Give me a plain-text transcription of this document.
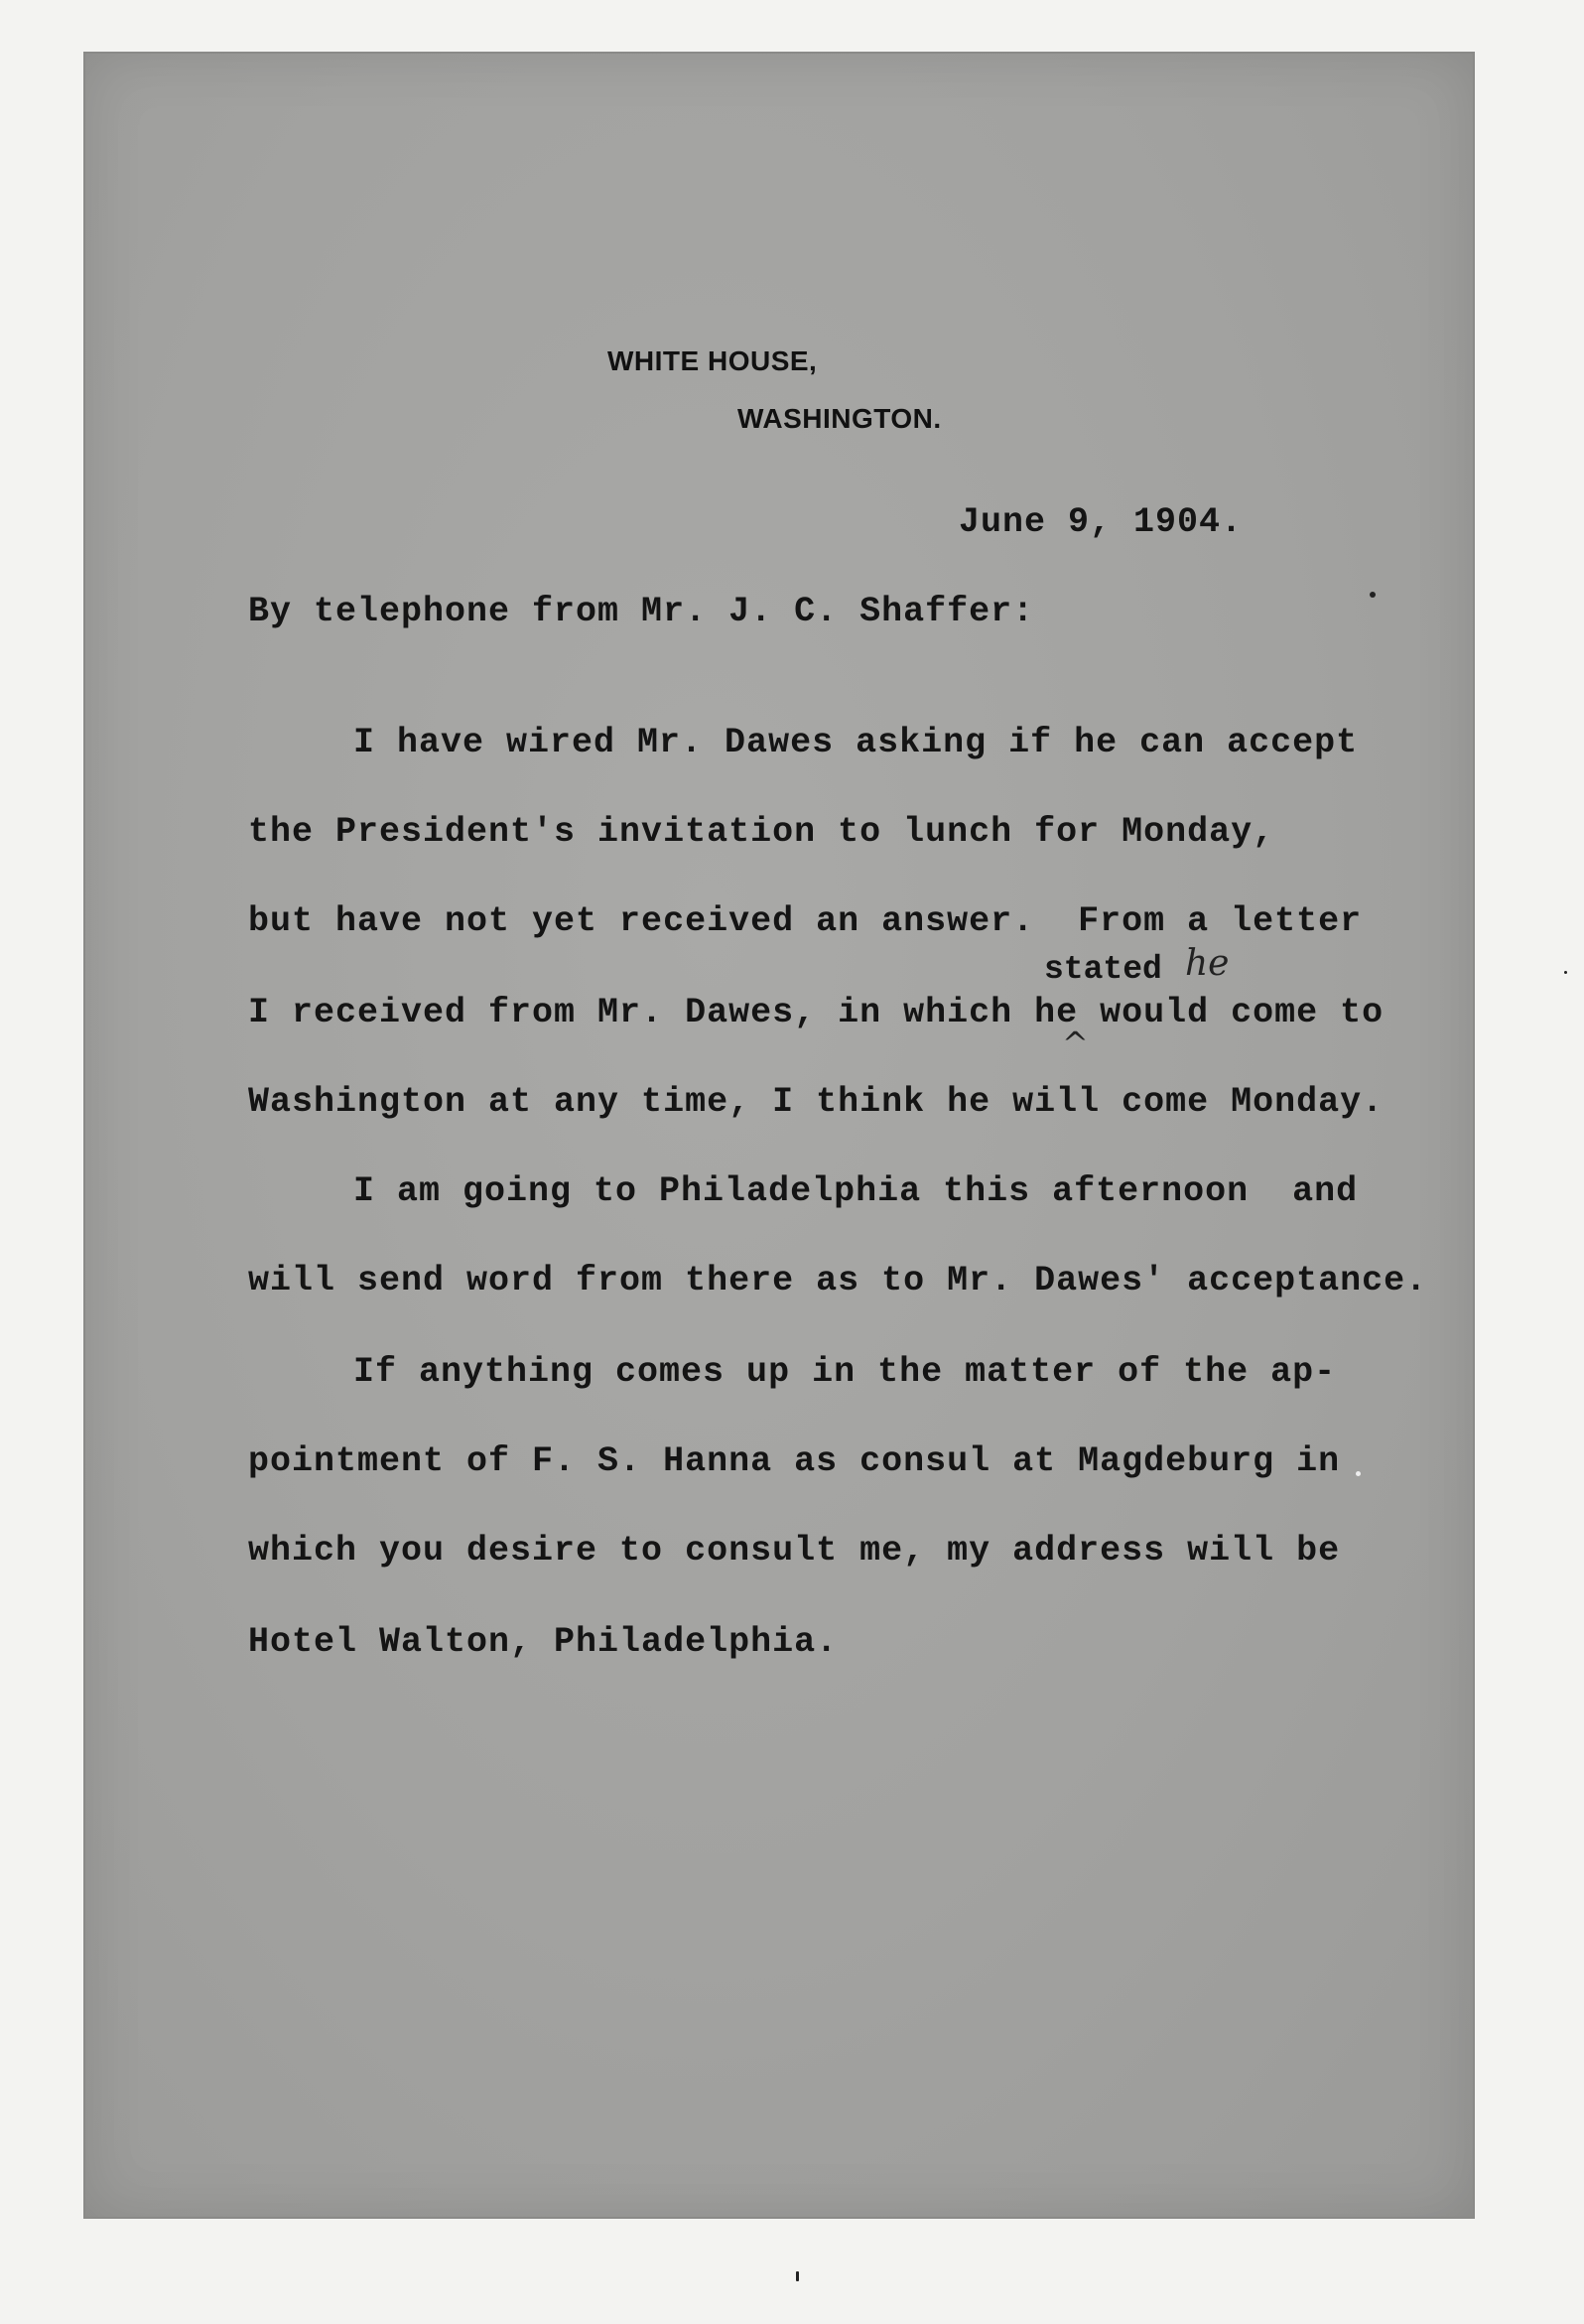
WHITE HOUSE,
WASHINGTON.
June 9, 1904.
By telephone from Mr. J. C. Shaffer:
I have wired Mr. Dawes asking if he can accept
the President's invitation to lunch for Monday,
but have not yet received an answer.  From a letter
stated he
I received from Mr. Dawes, in which he would come to
^
Washington at any time, I think he will come Monday.
I am going to Philadelphia this afternoon  and
will send word from there as to Mr. Dawes' acceptance.
If anything comes up in the matter of the ap-
pointment of F. S. Hanna as consul at Magdeburg in
which you desire to consult me, my address will be
Hotel Walton, Philadelphia.
